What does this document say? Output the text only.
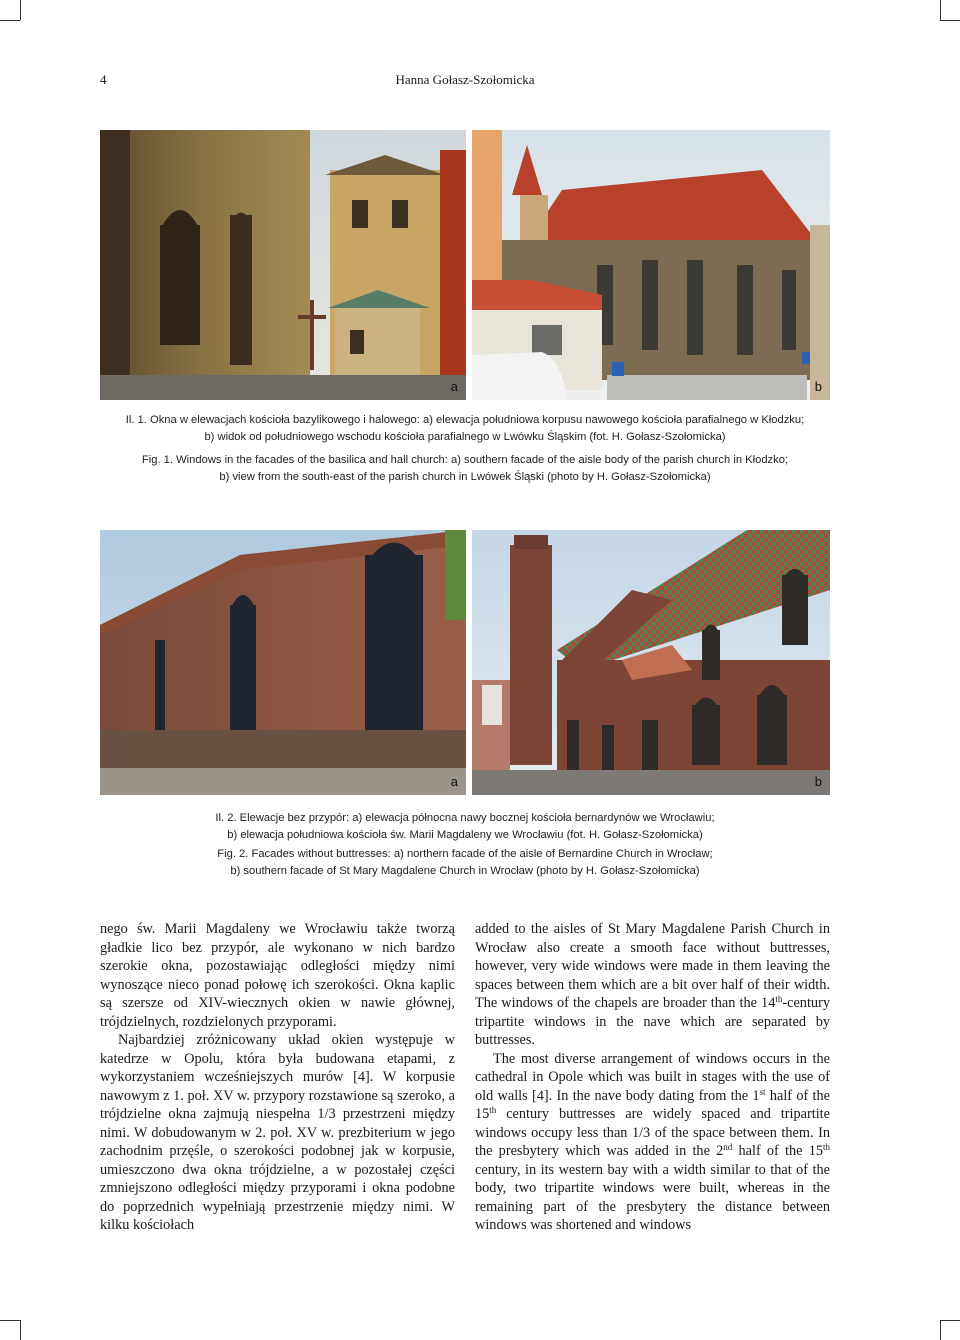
4	Hanna Gołasz-Szołomicka
a	b
Il. 1. Okna w elewacjach kościoła bazylikowego i halowego: a) elewacja południowa korpusu nawowego kościoła parafialnego w Kłodzku;
b) widok od południowego wschodu kościoła parafialnego w Lwówku Śląskim (fot. H. Gołasz-Szołomicka)
Fig. 1. Windows in the facades of the basilica and hall church: a) southern facade of the aisle body of the parish church in Kłodzko;
b) view from the south-east of the parish church in Lwówek Śląski (photo by H. Gołasz-Szołomicka)
a	b
Il. 2. Elewacje bez przypór: a) elewacja północna nawy bocznej kościoła bernardynów we Wrocławiu;
b) elewacja południowa kościoła św. Marii Magdaleny we Wrocławiu (fot. H. Gołasz-Szołomicka)
Fig. 2. Facades without buttresses: a) northern facade of the aisle of Bernardine Church in Wrocław;
b) southern facade of St Mary Magdalene Church in Wrocław (photo by H. Gołasz-Szołomicka)

nego św. Marii Magdaleny we Wrocławiu także tworzą gładkie lico bez przypór, ale wykonano w nich bardzo szerokie okna, pozostawiając odległości między nimi wynoszące nieco ponad połowę ich szerokości. Okna kaplic są szersze od XIV-wiecznych okien w nawie głównej, trójdzielnych, rozdzielonych przyporami.

Najbardziej zróżnicowany układ okien występuje w katedrze w Opolu, która była budowana etapami, z wykorzystaniem wcześniejszych murów [4]. W korpusie nawowym z 1. poł. XV w. przypory rozstawione są szeroko, a trójdzielne okna zajmują niespełna 1/3 przestrzeni między nimi. W dobudowanym w 2. poł. XV w. prezbiterium w jego zachodnim przęśle, o szerokości podobnej jak w korpusie, umieszczono dwa okna trójdzielne, a w pozostałej części zmniejszono odległości między przyporami i okna podobne do poprzednich wypełniają przestrzenie między nimi. W kilku kościołach

added to the aisles of St Mary Magdalene Parish Church in Wrocław also create a smooth face without buttresses, however, very wide windows were made in them leaving the spaces between them which are a bit over half of their width. The windows of the chapels are broader than the 14th-century tripartite windows in the nave which are separated by buttresses.

The most diverse arrangement of windows occurs in the cathedral in Opole which was built in stages with the use of old walls [4]. In the nave body dating from the 1st half of the 15th century buttresses are widely spaced and tripartite windows occupy less than 1/3 of the space between them. In the presbytery which was added in the 2nd half of the 15th century, in its western bay with a width similar to that of the body, two tripartite windows were built, whereas in the remaining part of the presbytery the distance between windows was shortened and windows
